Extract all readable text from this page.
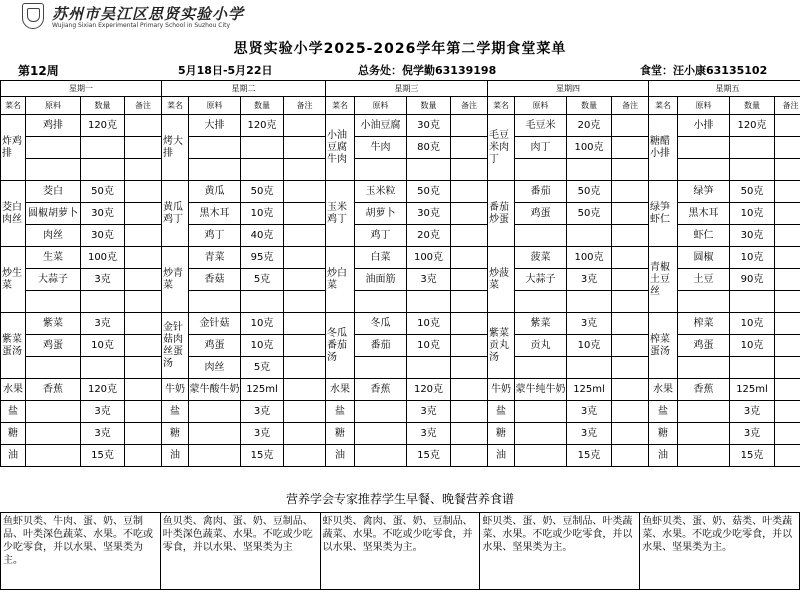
苏州市吴江区思贤实验小学
Wujiang Sixian Experimental Primary School in Suzhou City
思贤实验小学2025-2026学年第二学期食堂菜单
第12周	5月18日-5月22日	总务处：倪学勤63139198	食堂：汪小康63135102
星期一				星期二				星期三				星期四				星期五			
菜名	原料	数量	备注	菜名	原料	数量	备注	菜名	原料	数量	备注	菜名	原料	数量	备注	菜名	原料	数量	备注
炸鸡排	鸡排	120克		烤大排	大排	120克		小油豆腐牛肉	小油豆腐	30克		毛豆米肉丁	毛豆米	20克		糖醋小排	小排	120克	
									牛肉	80克			肉丁	100克					

茭白肉丝	茭白	50克		黄瓜鸡丁	黄瓜	50克		玉米鸡丁	玉米粒	50克		番茄炒蛋	番茄	50克		绿笋虾仁	绿笋	50克	
	圆椒胡萝卜	30克			黑木耳	10克			胡萝卜	30克			鸡蛋	50克			黑木耳	10克	
	肉丝	30克			鸡丁	40克			鸡丁	20克							虾仁	30克	
炒生菜	生菜	100克		炒青菜	青菜	95克		炒白菜	白菜	100克		炒菠菜	菠菜	100克		青椒土豆丝	圆椒	10克	
	大蒜子	3克			香菇	5克			油面筋	3克			大蒜子	3克			土豆	90克	

紫菜蛋汤	紫菜	3克		金针菇肉丝蛋汤	金针菇	10克		冬瓜番茄汤	冬瓜	10克		紫菜贡丸汤	紫菜	3克		榨菜蛋汤	榨菜	10克	
	鸡蛋	10克			鸡蛋	10克			番茄	10克			贡丸	10克			鸡蛋	10克	
					肉丝	5克													
水果	香蕉	120克		牛奶	蒙牛酸牛奶	125ml		水果	香蕉	120克		牛奶	蒙牛纯牛奶	125ml		水果	香蕉	125ml	
盐		3克		盐		3克		盐		3克		盐		3克		盐		3克	
糖		3克		糖		3克		糖		3克		糖		3克		糖		3克	
油		15克		油		15克		油		15克		油		15克		油		15克	
营养学会专家推荐学生早餐、晚餐营养食谱
鱼虾贝类、牛肉、蛋、奶、豆制品、叶类深色蔬菜、水果。不吃或少吃零食，并以水果、坚果类为主。	鱼贝类、禽肉、蛋、奶、豆制品、叶类深色蔬菜、水果。不吃或少吃零食，并以水果、坚果类为主	虾贝类、禽肉、蛋、奶、豆制品、蔬菜、水果。不吃或少吃零食，并以水果、坚果类为主。	虾贝类、蛋、奶、豆制品、叶类蔬菜、水果。不吃或少吃零食，并以水果、坚果类为主。	鱼虾贝类、蛋、奶、菇类、叶类蔬菜、水果。不吃或少吃零食，并以水果、坚果类为主。
